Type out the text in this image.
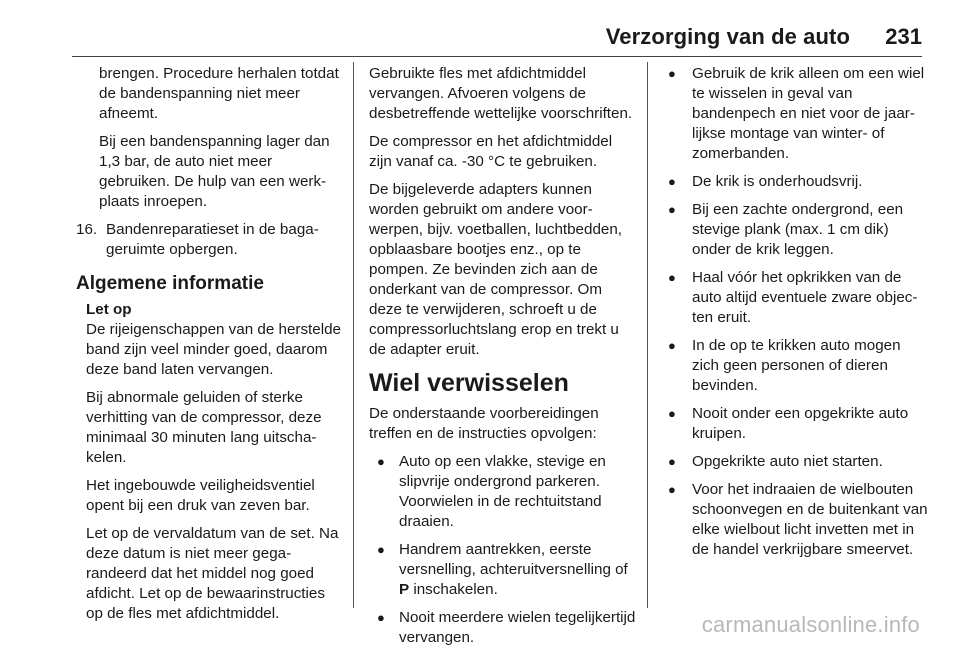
Verzorging van de auto 231

brengen. Procedure herhalen totdat de bandenspanning niet meer afneemt.

Bij een bandenspanning lager dan 1,3 bar, de auto niet meer gebruiken. De hulp van een werkplaats inroepen.

16. Bandenreparatieset in de bagageruimte opbergen.
Algemene informatie

Let op

De rijeigenschappen van de herstelde band zijn veel minder goed, daarom deze band laten vervangen.

Bij abnormale geluiden of sterke verhitting van de compressor, deze minimaal 30 minuten lang uitschakelen.

Het ingebouwde veiligheidsventiel opent bij een druk van zeven bar.

Let op de vervaldatum van de set. Na deze datum is niet meer gegarandeerd dat het middel nog goed afdicht. Let op de bewaarinstructies op de fles met afdichtmiddel.

Gebruikte fles met afdichtmiddel vervangen. Afvoeren volgens de desbetreffende wettelijke voorschriften.

De compressor en het afdichtmiddel zijn vanaf ca. -30 °C te gebruiken.

De bijgeleverde adapters kunnen worden gebruikt om andere voorwerpen, bijv. voetballen, luchtbedden, opblaasbare bootjes enz., op te pompen. Ze bevinden zich aan de onderkant van de compressor. Om deze te verwijderen, schroeft u de compressorluchtslang erop en trekt u de adapter eruit.

Wiel verwisselen

De onderstaande voorbereidingen treffen en de instructies opvolgen:

● Auto op een vlakke, stevige en slipvrije ondergrond parkeren. Voorwielen in de rechtuitstand draaien.
● Handrem aantrekken, eerste versnelling, achteruitversnelling of P inschakelen.
● Nooit meerdere wielen tegelijkertijd vervangen.
●	Gebruik de krik alleen om een wiel te wisselen in geval van bandenpech en niet voor de jaarlijkse montage van winter- of zomerbanden.
●	De krik is onderhoudsvrij.
●	Bij een zachte ondergrond, een stevige plank (max. 1 cm dik) onder de krik leggen.
●	Haal vóór het opkrikken van de auto altijd eventuele zware objecten eruit.
●	In de op te krikken auto mogen zich geen personen of dieren bevinden.
●	Nooit onder een opgekrikte auto kruipen.
●	Opgekrikte auto niet starten.
●	Voor het indraaien de wielbouten schoonvegen en de buitenkant van elke wielbout licht invetten met in de handel verkrijgbare smeervet.
carmanualsonline.info
